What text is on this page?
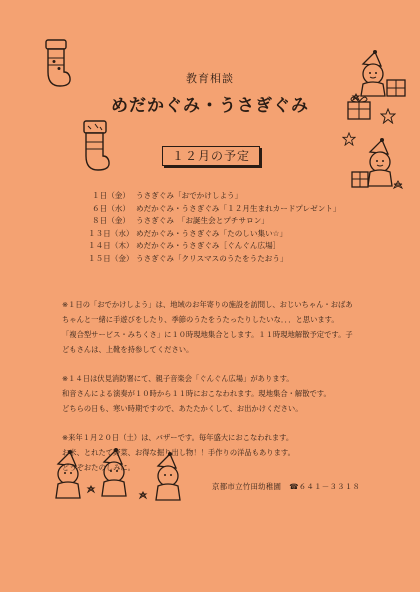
教育相談
めだかぐみ・うさぎぐみ
１２月の予定
１日（金） うさぎぐみ「おでかけしよう」
６日（水） めだかぐみ・うさぎぐみ「１２月生まれカードプレゼント」
８日（金） うさぎぐみ　「お誕生会とプチサロン」
１３日（水） めだかぐみ・うさぎぐみ「たのしい集い☆」
１４日（木） めだかぐみ・うさぎぐみ［ぐんぐん広場］
１５日（金） うさぎぐみ「クリスマスのうたをうたおう」
※１日の「おでかけしよう」は、地域のお年寄りの施設を訪問し、おじいちゃん・おばあ
ちゃんと一緒に手遊びをしたり、季節のうたをうたったりしたいな．．．と思います。
「複合型サービス・みちくさ」に１０時現地集合とします。１１時現地解散予定です。子
どもさんは、上靴を持参してください。
※１４日は伏見消防署にて、親子音楽会「ぐんぐん広場」があります。
和音さんによる演奏が１０時から１１時におこなわれます。現地集合・解散です。
どちらの日も、寒い時期ですので、あたたかくして、お出かけください。
※来年１月２０日（土）は、バザーです。毎年盛大におこなわれます。
お米、とれたて野菜、お得な掘り出し物！！手作りの洋品もあります。
どうぞおたのしみに。
京都市立竹田幼稚園 ☎６４１－３３１８
